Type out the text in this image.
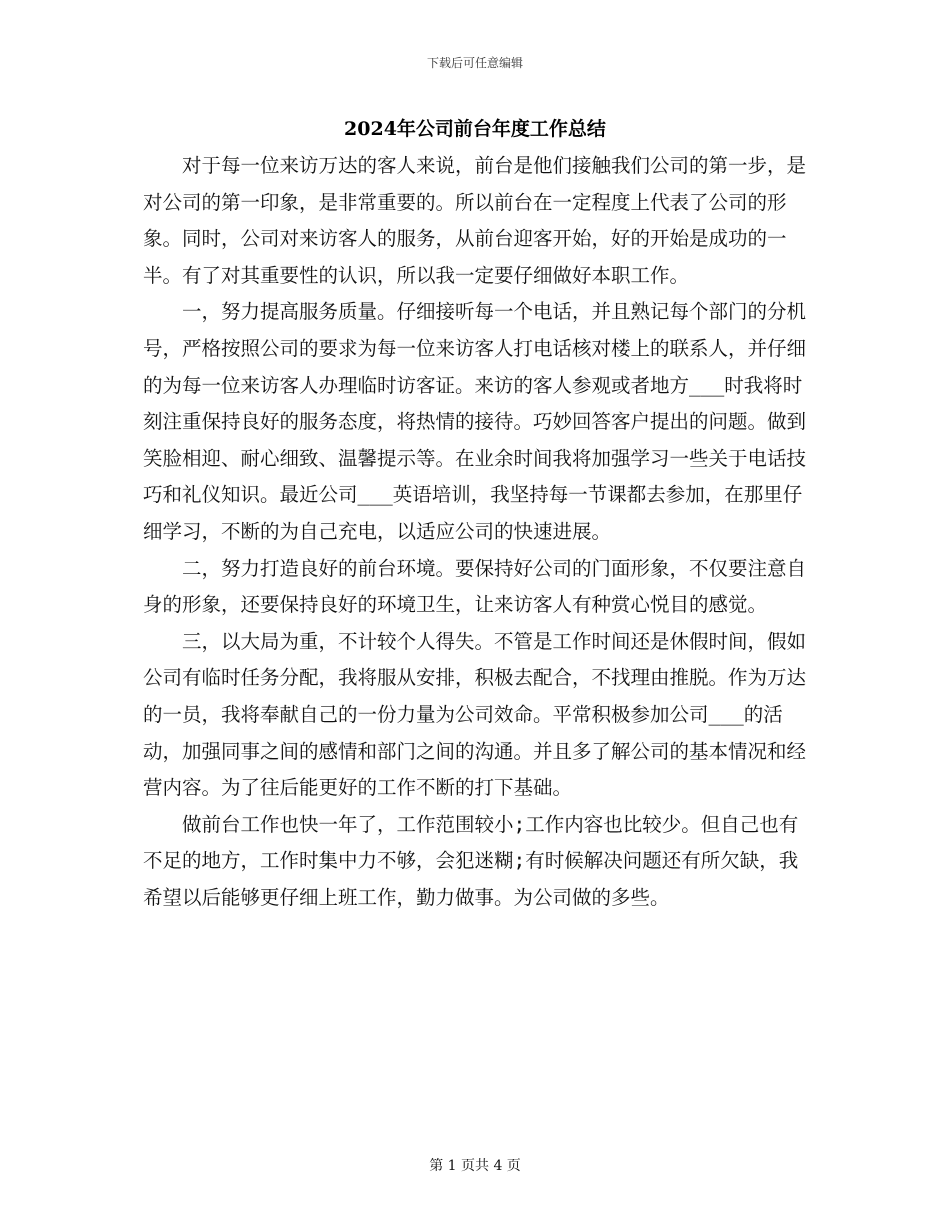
下载后可任意编辑
2024年公司前台年度工作总结

对于每一位来访万达的客人来说，前台是他们接触我们公司的第一步，是对公司的第一印象，是非常重要的。所以前台在一定程度上代表了公司的形象。同时，公司对来访客人的服务，从前台迎客开始，好的开始是成功的一半。有了对其重要性的认识，所以我一定要仔细做好本职工作。

一，努力提高服务质量。仔细接听每一个电话，并且熟记每个部门的分机号，严格按照公司的要求为每一位来访客人打电话核对楼上的联系人，并仔细的为每一位来访客人办理临时访客证。来访的客人参观或者地方___时我将时刻注重保持良好的服务态度，将热情的接待。巧妙回答客户提出的问题。做到笑脸相迎、耐心细致、温馨提示等。在业余时间我将加强学习一些关于电话技巧和礼仪知识。最近公司___英语培训，我坚持每一节课都去参加，在那里仔细学习，不断的为自己充电，以适应公司的快速进展。

二，努力打造良好的前台环境。要保持好公司的门面形象，不仅要注意自身的形象，还要保持良好的环境卫生，让来访客人有种赏心悦目的感觉。

三，以大局为重，不计较个人得失。不管是工作时间还是休假时间，假如公司有临时任务分配，我将服从安排，积极去配合，不找理由推脱。作为万达的一员，我将奉献自己的一份力量为公司效命。平常积极参加公司___的活动，加强同事之间的感情和部门之间的沟通。并且多了解公司的基本情况和经营内容。为了往后能更好的工作不断的打下基础。

做前台工作也快一年了，工作范围较小;工作内容也比较少。但自己也有不足的地方，工作时集中力不够，会犯迷糊;有时候解决问题还有所欠缺，我希望以后能够更仔细上班工作，勤力做事。为公司做的多些。

第 1 页共 4 页
